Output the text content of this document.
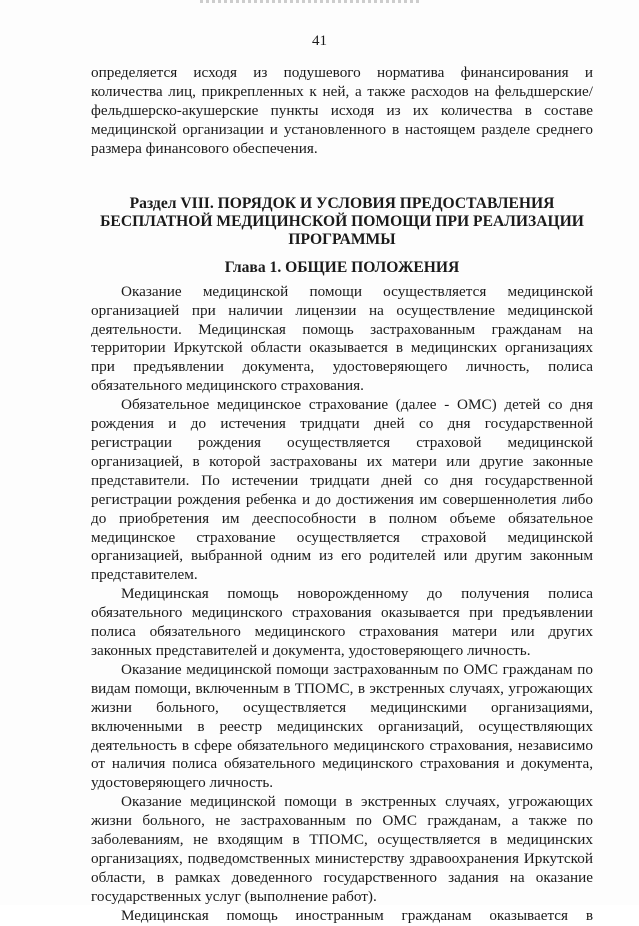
41

определяется исходя из подушевого норматива финансирования и количества лиц, прикрепленных к ней, а также расходов на фельдшерские/фельдшерско-акушерские пункты исходя из их количества в составе медицинской организации и установленного в настоящем разделе среднего размера финансового обеспечения.

Раздел VIII. ПОРЯДОК И УСЛОВИЯ ПРЕДОСТАВЛЕНИЯ БЕСПЛАТНОЙ МЕДИЦИНСКОЙ ПОМОЩИ ПРИ РЕАЛИЗАЦИИ ПРОГРАММЫ
Глава 1. ОБЩИЕ ПОЛОЖЕНИЯ

Оказание медицинской помощи осуществляется медицинской организацией при наличии лицензии на осуществление медицинской деятельности. Медицинская помощь застрахованным гражданам на территории Иркутской области оказывается в медицинских организациях при предъявлении документа, удостоверяющего личность, полиса обязательного медицинского страхования.

Обязательное медицинское страхование (далее - ОМС) детей со дня рождения и до истечения тридцати дней со дня государственной регистрации рождения осуществляется страховой медицинской организацией, в которой застрахованы их матери или другие законные представители. По истечении тридцати дней со дня государственной регистрации рождения ребенка и до достижения им совершеннолетия либо до приобретения им дееспособности в полном объеме обязательное медицинское страхование осуществляется страховой медицинской организацией, выбранной одним из его родителей или другим законным представителем.

Медицинская помощь новорожденному до получения полиса обязательного медицинского страхования оказывается при предъявлении полиса обязательного медицинского страхования матери или других законных представителей и документа, удостоверяющего личность.

Оказание медицинской помощи застрахованным по ОМС гражданам по видам помощи, включенным в ТПОМС, в экстренных случаях, угрожающих жизни больного, осуществляется медицинскими организациями, включенными в реестр медицинских организаций, осуществляющих деятельность в сфере обязательного медицинского страхования, независимо от наличия полиса обязательного медицинского страхования и документа, удостоверяющего личность.

Оказание медицинской помощи в экстренных случаях, угрожающих жизни больного, не застрахованным по ОМС гражданам, а также по заболеваниям, не входящим в ТПОМС, осуществляется в медицинских организациях, подведомственных министерству здравоохранения Иркутской области, в рамках доведенного государственного задания на оказание государственных услуг (выполнение работ).

Медицинская помощь иностранным гражданам оказывается в
